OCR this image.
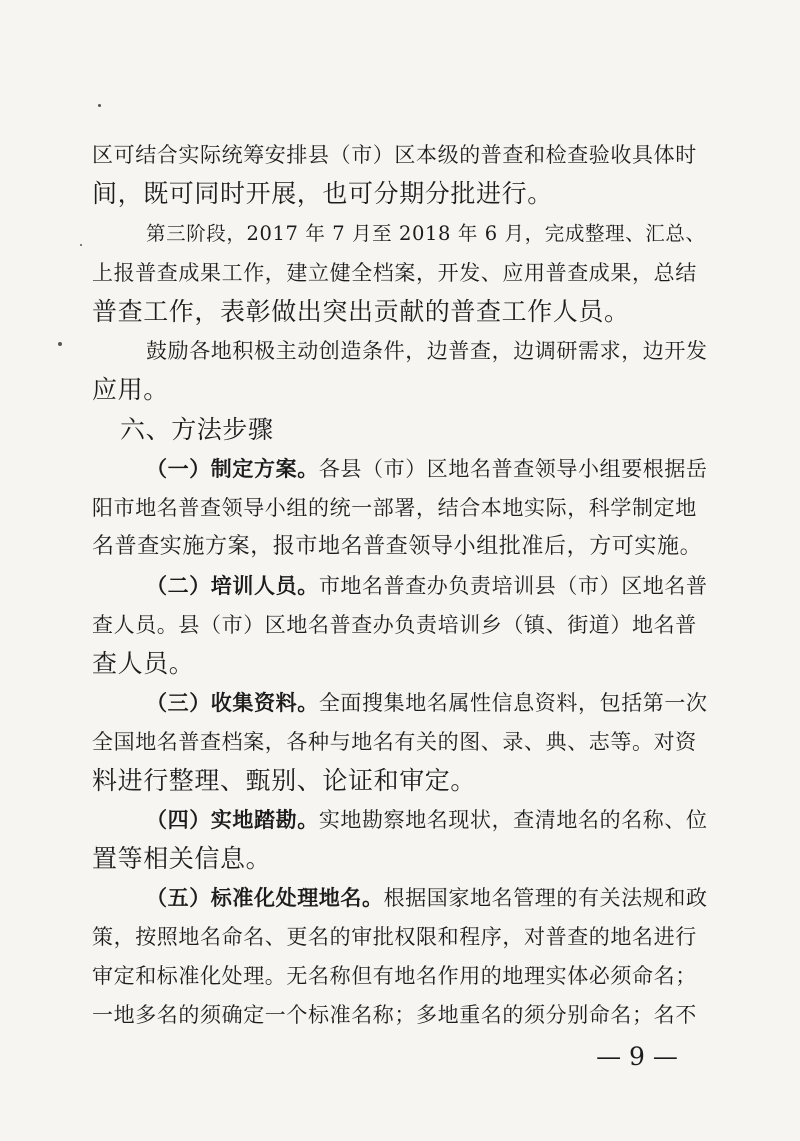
区可结合实际统筹安排县（市）区本级的普查和检查验收具体时
间，既可同时开展，也可分期分批进行。
第三阶段，2017 年 7 月至 2018 年 6 月，完成整理、汇总、
上报普查成果工作，建立健全档案，开发、应用普查成果，总结
普查工作，表彰做出突出贡献的普查工作人员。
鼓励各地积极主动创造条件，边普查，边调研需求，边开发
应用。
六、方法步骤
（一）制定方案。各县（市）区地名普查领导小组要根据岳
阳市地名普查领导小组的统一部署，结合本地实际，科学制定地
名普查实施方案，报市地名普查领导小组批准后，方可实施。
（二）培训人员。市地名普查办负责培训县（市）区地名普
查人员。县（市）区地名普查办负责培训乡（镇、街道）地名普
查人员。
（三）收集资料。全面搜集地名属性信息资料，包括第一次
全国地名普查档案，各种与地名有关的图、录、典、志等。对资
料进行整理、甄别、论证和审定。
（四）实地踏勘。实地勘察地名现状，查清地名的名称、位
置等相关信息。
（五）标准化处理地名。根据国家地名管理的有关法规和政
策，按照地名命名、更名的审批权限和程序，对普查的地名进行
审定和标准化处理。无名称但有地名作用的地理实体必须命名；
一地多名的须确定一个标准名称；多地重名的须分别命名；名不
— 9 —
